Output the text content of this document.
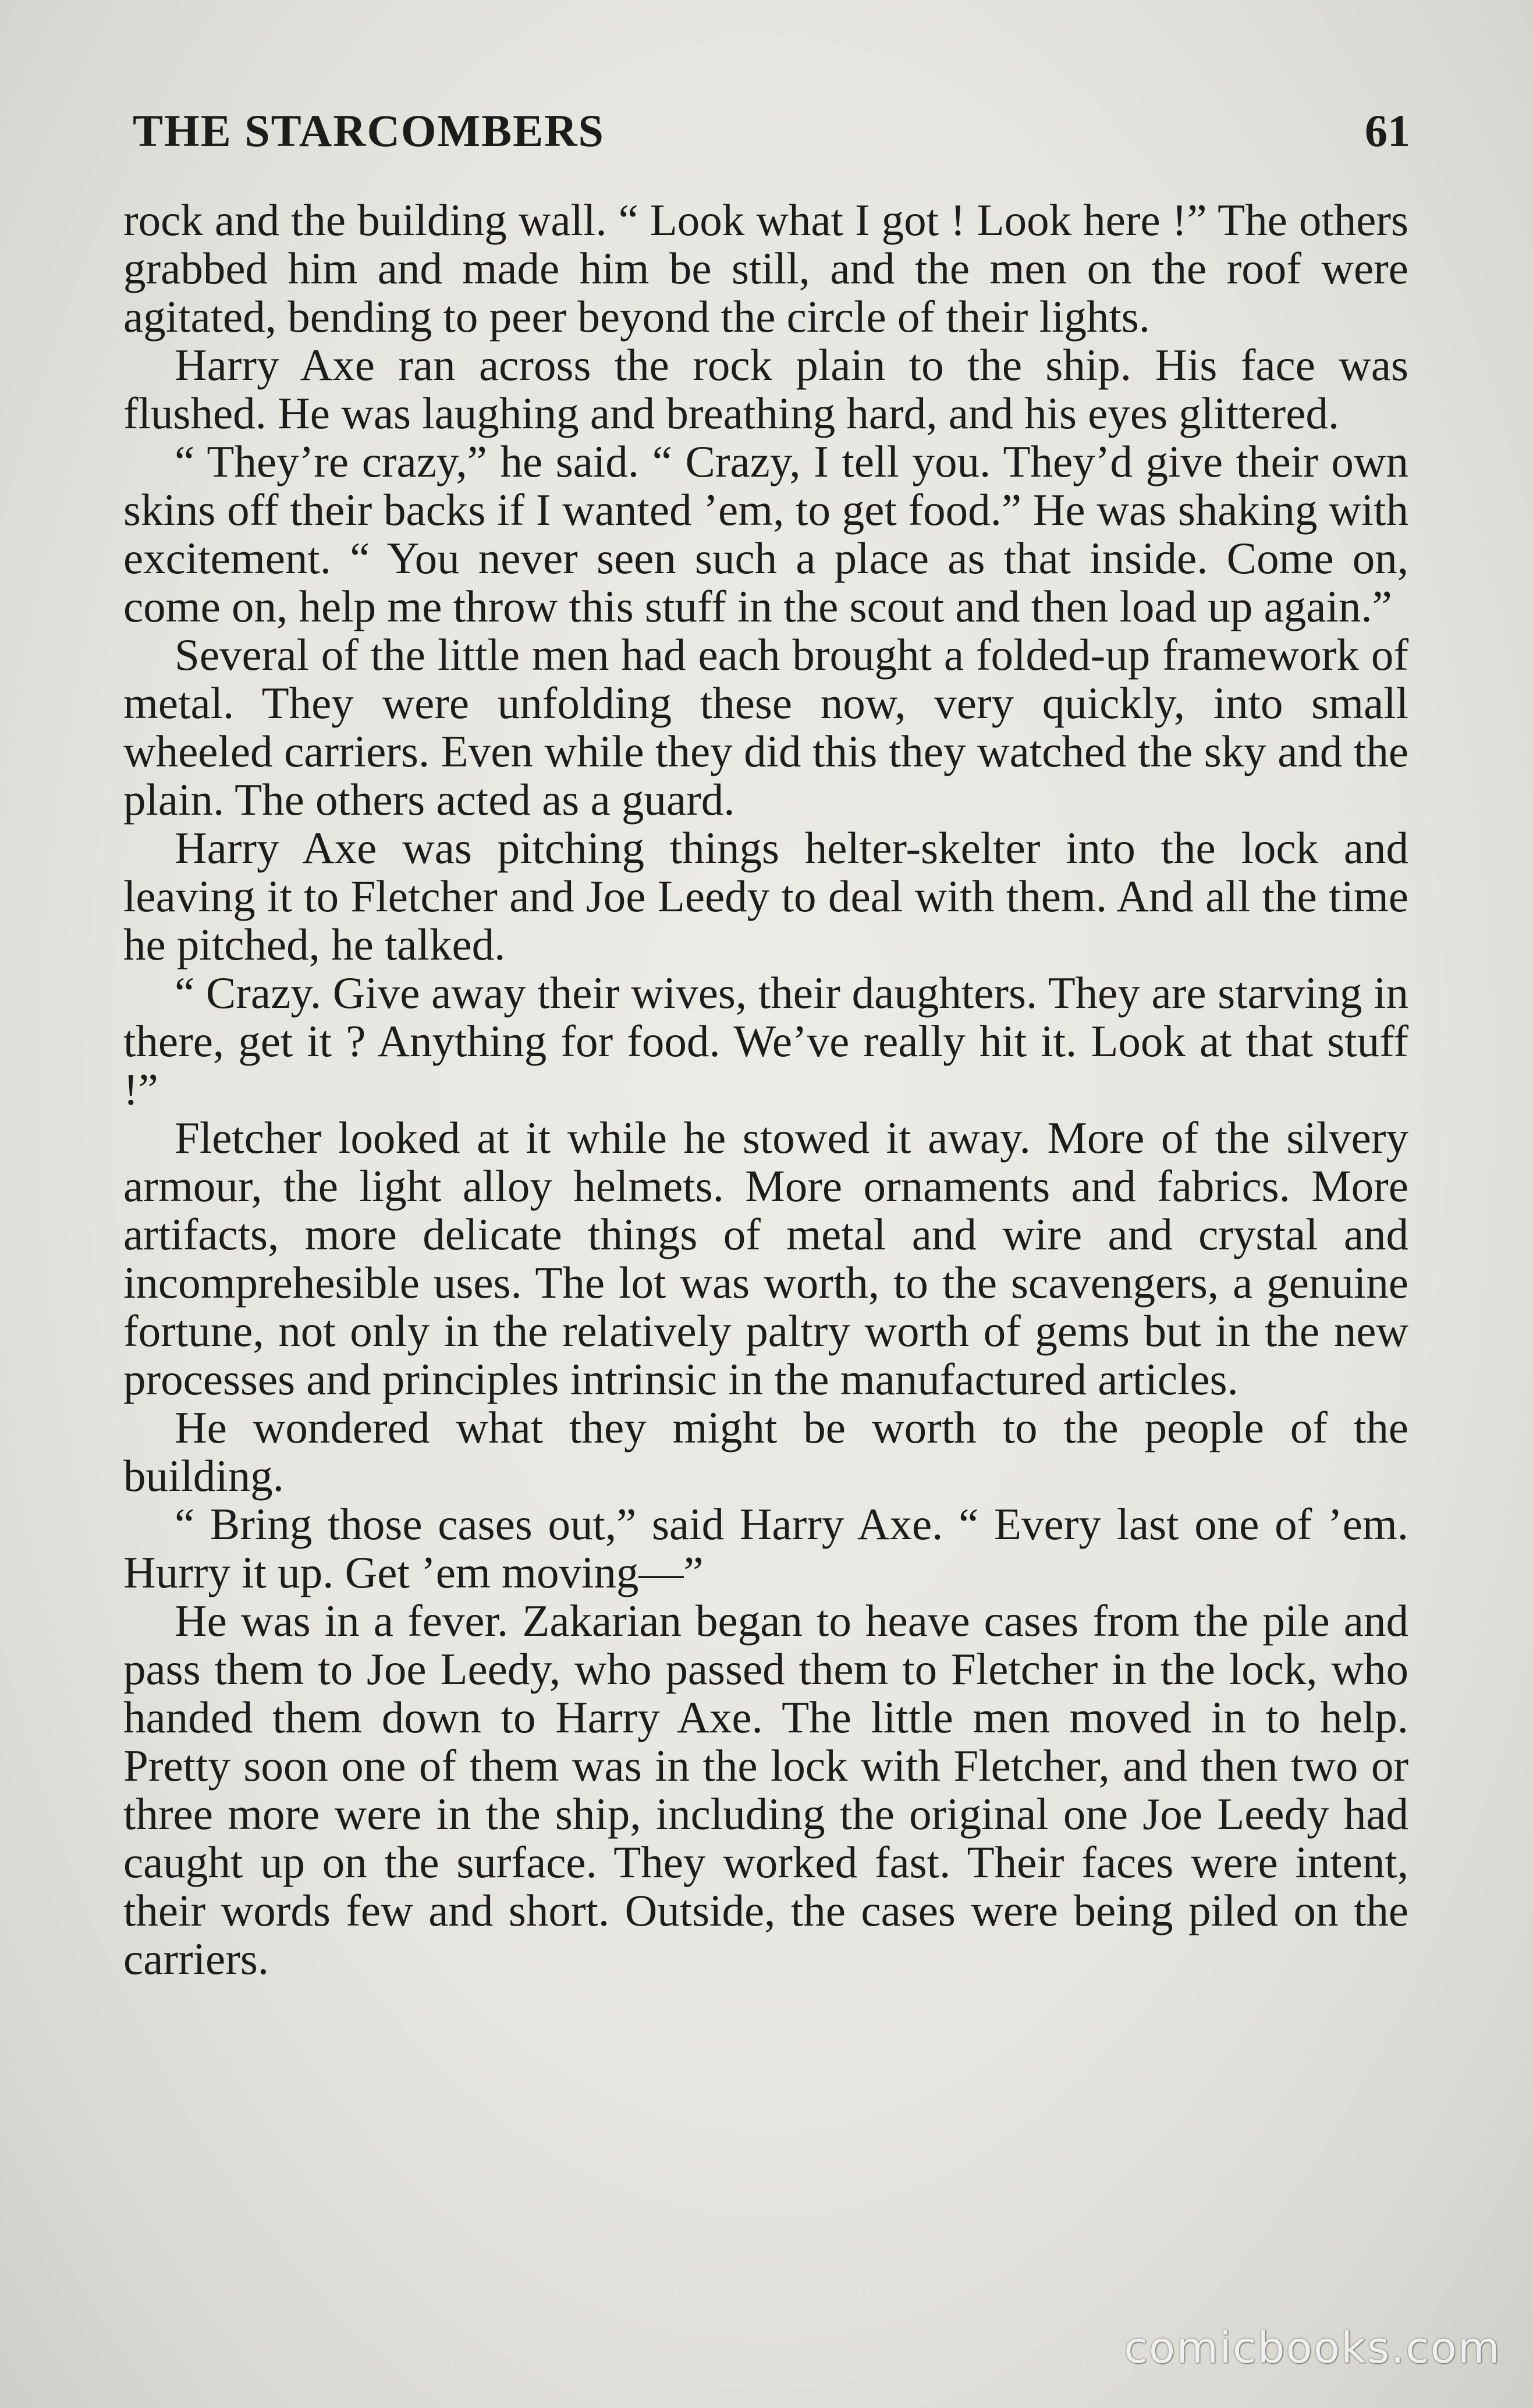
THE STARCOMBERS	61

rock and the building wall. “ Look what I got ! Look here !” The others grabbed him and made him be still, and the men on the roof were agitated, bending to peer beyond the circle of their lights.

Harry Axe ran across the rock plain to the ship. His face was flushed. He was laughing and breathing hard, and his eyes glittered.

“ They’re crazy,” he said. “ Crazy, I tell you. They’d give their own skins off their backs if I wanted ’em, to get food.” He was shaking with excitement. “ You never seen such a place as that inside. Come on, come on, help me throw this stuff in the scout and then load up again.”

Several of the little men had each brought a folded-up framework of metal. They were unfolding these now, very quickly, into small wheeled carriers. Even while they did this they watched the sky and the plain. The others acted as a guard.

Harry Axe was pitching things helter-skelter into the lock and leaving it to Fletcher and Joe Leedy to deal with them. And all the time he pitched, he talked.

“ Crazy. Give away their wives, their daughters. They are starving in there, get it ? Anything for food. We’ve really hit it. Look at that stuff !”

Fletcher looked at it while he stowed it away. More of the silvery armour, the light alloy helmets. More ornaments and fabrics. More artifacts, more delicate things of metal and wire and crystal and incomprehesible uses. The lot was worth, to the scavengers, a genuine fortune, not only in the relatively paltry worth of gems but in the new processes and principles intrinsic in the manufactured articles.

He wondered what they might be worth to the people of the building.

“ Bring those cases out,” said Harry Axe. “ Every last one of ’em. Hurry it up. Get ’em moving—”

He was in a fever. Zakarian began to heave cases from the pile and pass them to Joe Leedy, who passed them to Fletcher in the lock, who handed them down to Harry Axe. The little men moved in to help. Pretty soon one of them was in the lock with Fletcher, and then two or three more were in the ship, including the original one Joe Leedy had caught up on the surface. They worked fast. Their faces were intent, their words few and short. Outside, the cases were being piled on the carriers.

comicbooks.com
